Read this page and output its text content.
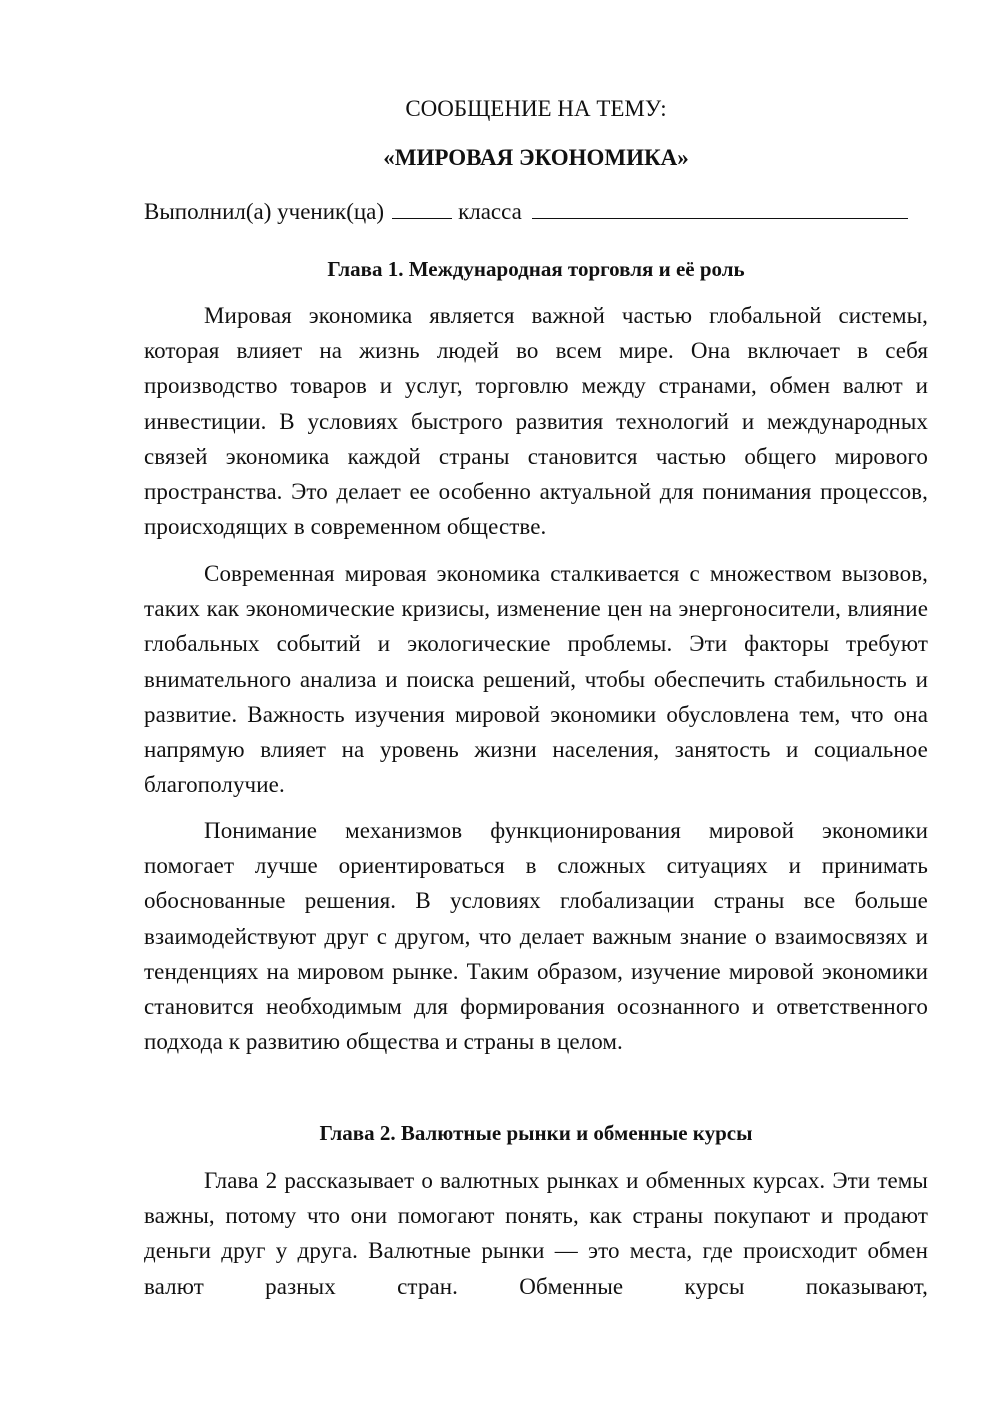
СООБЩЕНИЕ НА ТЕМУ:

«МИРОВАЯ ЭКОНОМИКА»

Выполнил(а) ученик(ца)	класса
Глава 1. Международная торговля и её роль

Мировая экономика является важной частью глобальной системы, которая влияет на жизнь людей во всем мире. Она включает в себя производство товаров и услуг, торговлю между странами, обмен валют и инвестиции. В условиях быстрого развития технологий и международных связей экономика каждой страны становится частью общего мирового пространства. Это делает ее особенно актуальной для понимания процессов, происходящих в современном обществе.

Современная мировая экономика сталкивается с множеством вызовов, таких как экономические кризисы, изменение цен на энергоносители, влияние глобальных событий и экологические проблемы. Эти факторы требуют внимательного анализа и поиска решений, чтобы обеспечить стабильность и развитие. Важность изучения мировой экономики обусловлена тем, что она напрямую влияет на уровень жизни населения, занятость и социальное благополучие.

Понимание механизмов функционирования мировой экономики помогает лучше ориентироваться в сложных ситуациях и принимать обоснованные решения. В условиях глобализации страны все больше взаимодействуют друг с другом, что делает важным знание о взаимосвязях и тенденциях на мировом рынке. Таким образом, изучение мировой экономики становится необходимым для формирования осознанного и ответственного подхода к развитию общества и страны в целом.

Глава 2. Валютные рынки и обменные курсы

Глава 2 рассказывает о валютных рынках и обменных курсах. Эти темы важны, потому что они помогают понять, как страны покупают и продают деньги друг у друга. Валютные рынки — это места, где происходит обмен валют разных стран. Обменные курсы показывают,
